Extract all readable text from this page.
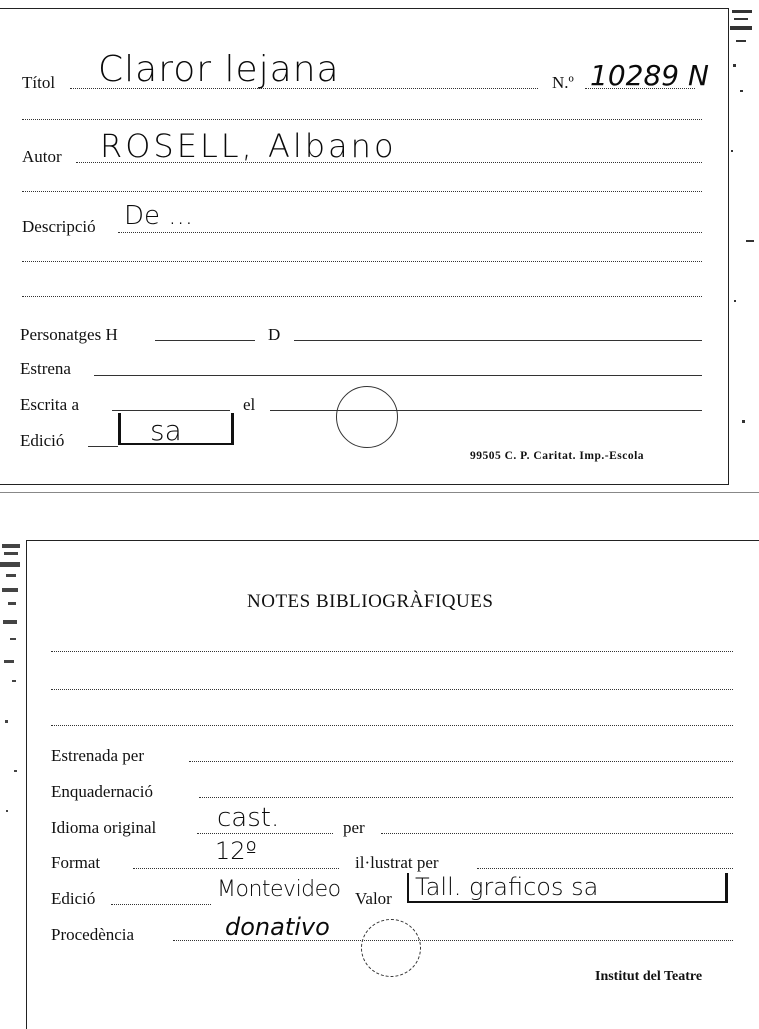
Títol Claror lejana	N.º 10289 N
Autor ROSELL, Albano
Descripció De ...
Personatges H	D
Estrena
Escrita a	el
Edició	sa
99505 C. P. Caritat. Imp.-Escola
NOTES BIBLIOGRÀFIQUES
Estrenada per
Enquadernació
Idioma original cast.	per
Format	12º	il·lustrat per
Edició	Montevideo Valor Tall. graficos sa
Procedència	donativo
Institut del Teatre
